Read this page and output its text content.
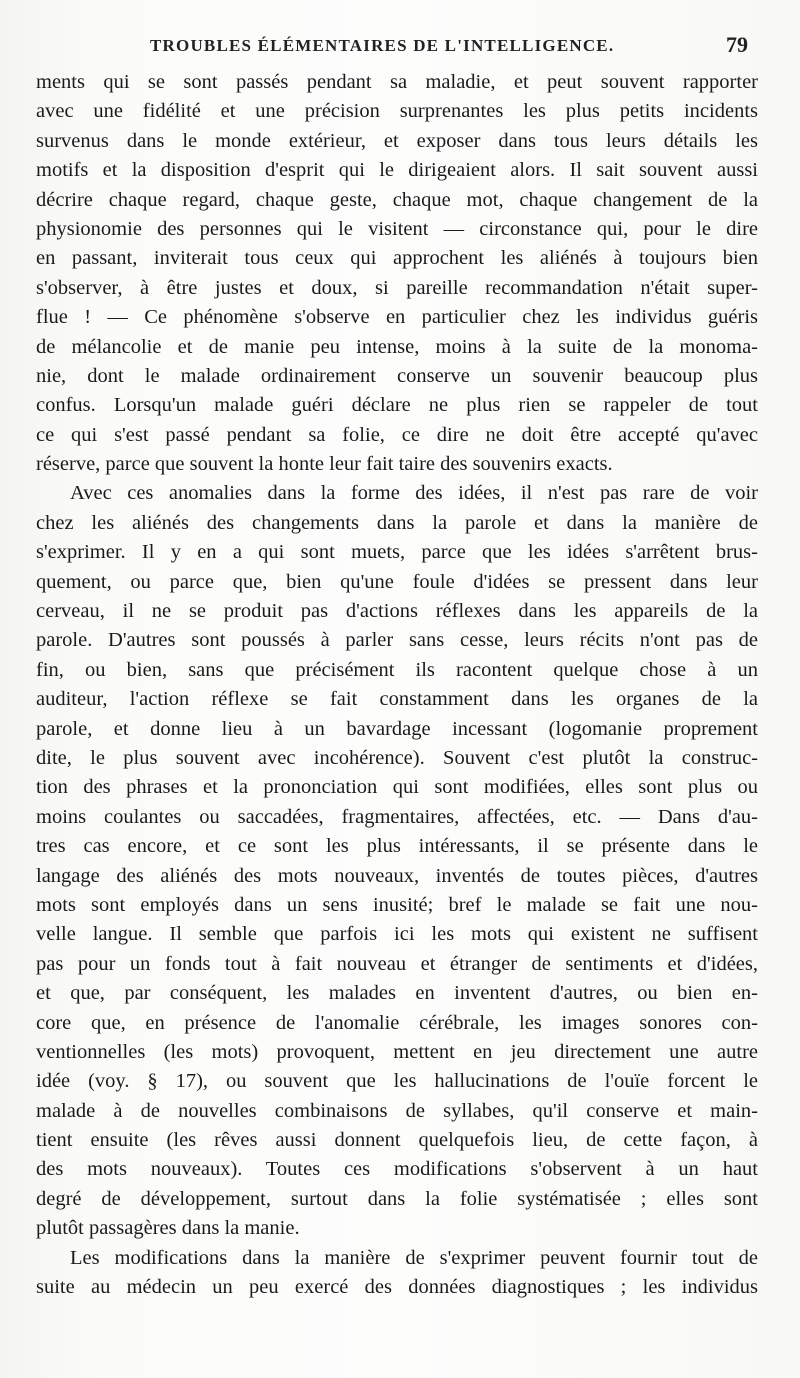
TROUBLES ÉLÉMENTAIRES DE L'INTELLIGENCE.	79

ments qui se sont passés pendant sa maladie, et peut souvent rapporter
avec une fidélité et une précision surprenantes les plus petits incidents
survenus dans le monde extérieur, et exposer dans tous leurs détails les
motifs et la disposition d'esprit qui le dirigeaient alors. Il sait souvent aussi
décrire chaque regard, chaque geste, chaque mot, chaque changement de la
physionomie des personnes qui le visitent — circonstance qui, pour le dire
en passant, inviterait tous ceux qui approchent les aliénés à toujours bien
s'observer, à être justes et doux, si pareille recommandation n'était super-
flue ! — Ce phénomène s'observe en particulier chez les individus guéris
de mélancolie et de manie peu intense, moins à la suite de la monoma-
nie, dont le malade ordinairement conserve un souvenir beaucoup plus
confus. Lorsqu'un malade guéri déclare ne plus rien se rappeler de tout
ce qui s'est passé pendant sa folie, ce dire ne doit être accepté qu'avec
réserve, parce que souvent la honte leur fait taire des souvenirs exacts.

Avec ces anomalies dans la forme des idées, il n'est pas rare de voir
chez les aliénés des changements dans la parole et dans la manière de
s'exprimer. Il y en a qui sont muets, parce que les idées s'arrêtent brus-
quement, ou parce que, bien qu'une foule d'idées se pressent dans leur
cerveau, il ne se produit pas d'actions réflexes dans les appareils de la
parole. D'autres sont poussés à parler sans cesse, leurs récits n'ont pas de
fin, ou bien, sans que précisément ils racontent quelque chose à un
auditeur, l'action réflexe se fait constamment dans les organes de la
parole, et donne lieu à un bavardage incessant (logomanie proprement
dite, le plus souvent avec incohérence). Souvent c'est plutôt la construc-
tion des phrases et la prononciation qui sont modifiées, elles sont plus ou
moins coulantes ou saccadées, fragmentaires, affectées, etc. — Dans d'au-
tres cas encore, et ce sont les plus intéressants, il se présente dans le
langage des aliénés des mots nouveaux, inventés de toutes pièces, d'autres
mots sont employés dans un sens inusité; bref le malade se fait une nou-
velle langue. Il semble que parfois ici les mots qui existent ne suffisent
pas pour un fonds tout à fait nouveau et étranger de sentiments et d'idées,
et que, par conséquent, les malades en inventent d'autres, ou bien en-
core que, en présence de l'anomalie cérébrale, les images sonores con-
ventionnelles (les mots) provoquent, mettent en jeu directement une autre
idée (voy. § 17), ou souvent que les hallucinations de l'ouïe forcent le
malade à de nouvelles combinaisons de syllabes, qu'il conserve et main-
tient ensuite (les rêves aussi donnent quelquefois lieu, de cette façon, à
des mots nouveaux). Toutes ces modifications s'observent à un haut
degré de développement, surtout dans la folie systématisée ; elles sont
plutôt passagères dans la manie.

Les modifications dans la manière de s'exprimer peuvent fournir tout de
suite au médecin un peu exercé des données diagnostiques ; les individus
